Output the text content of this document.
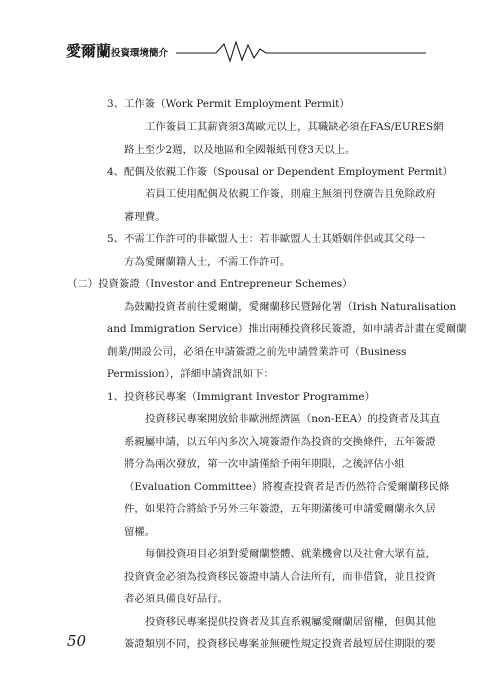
愛爾蘭投資環境簡介
3、工作簽（Work Permit Employment Permit）
工作簽員工其薪資須3萬歐元以上，其職缺必須在FAS/EURES網
路上至少2週，以及地區和全國報紙刊登3天以上。
4、配偶及依親工作簽（Spousal or Dependent Employment Permit）
若員工使用配偶及依親工作簽，則雇主無須刊登廣告且免除政府
審理費。
5、不需工作許可的非歐盟人士：若非歐盟人士其婚姻伴侶或其父母一
方為愛爾蘭籍人士，不需工作許可。
（二）投資簽證（Investor and Entrepreneur Schemes）
為鼓勵投資者前往愛爾蘭，愛爾蘭移民暨歸化署（Irish Naturalisation
and Immigration Service）推出兩種投資移民簽證，如申請者計畫在愛爾蘭
創業/開設公司，必須在申請簽證之前先申請營業許可（Business
Permission），詳細申請資訊如下：
1、投資移民專案（Immigrant Investor Programme）
投資移民專案開放給非歐洲經濟區（non-EEA）的投資者及其直
系親屬申請，以五年內多次入境簽證作為投資的交換條件，五年簽證
將分為兩次發放，第一次申請僅給予兩年期限，之後評估小組
（Evaluation Committee）將複查投資者是否仍然符合愛爾蘭移民條
件，如果符合將給予另外三年簽證，五年期滿後可申請愛爾蘭永久居
留權。
每個投資項目必須對愛爾蘭整體、就業機會以及社會大眾有益，
投資資金必須為投資移民簽證申請人合法所有，而非借貸，並且投資
者必須具備良好品行。
投資移民專案提供投資者及其直系親屬愛爾蘭居留權，但與其他
簽證類別不同，投資移民專案並無硬性規定投資者最短居住期限的要
50
